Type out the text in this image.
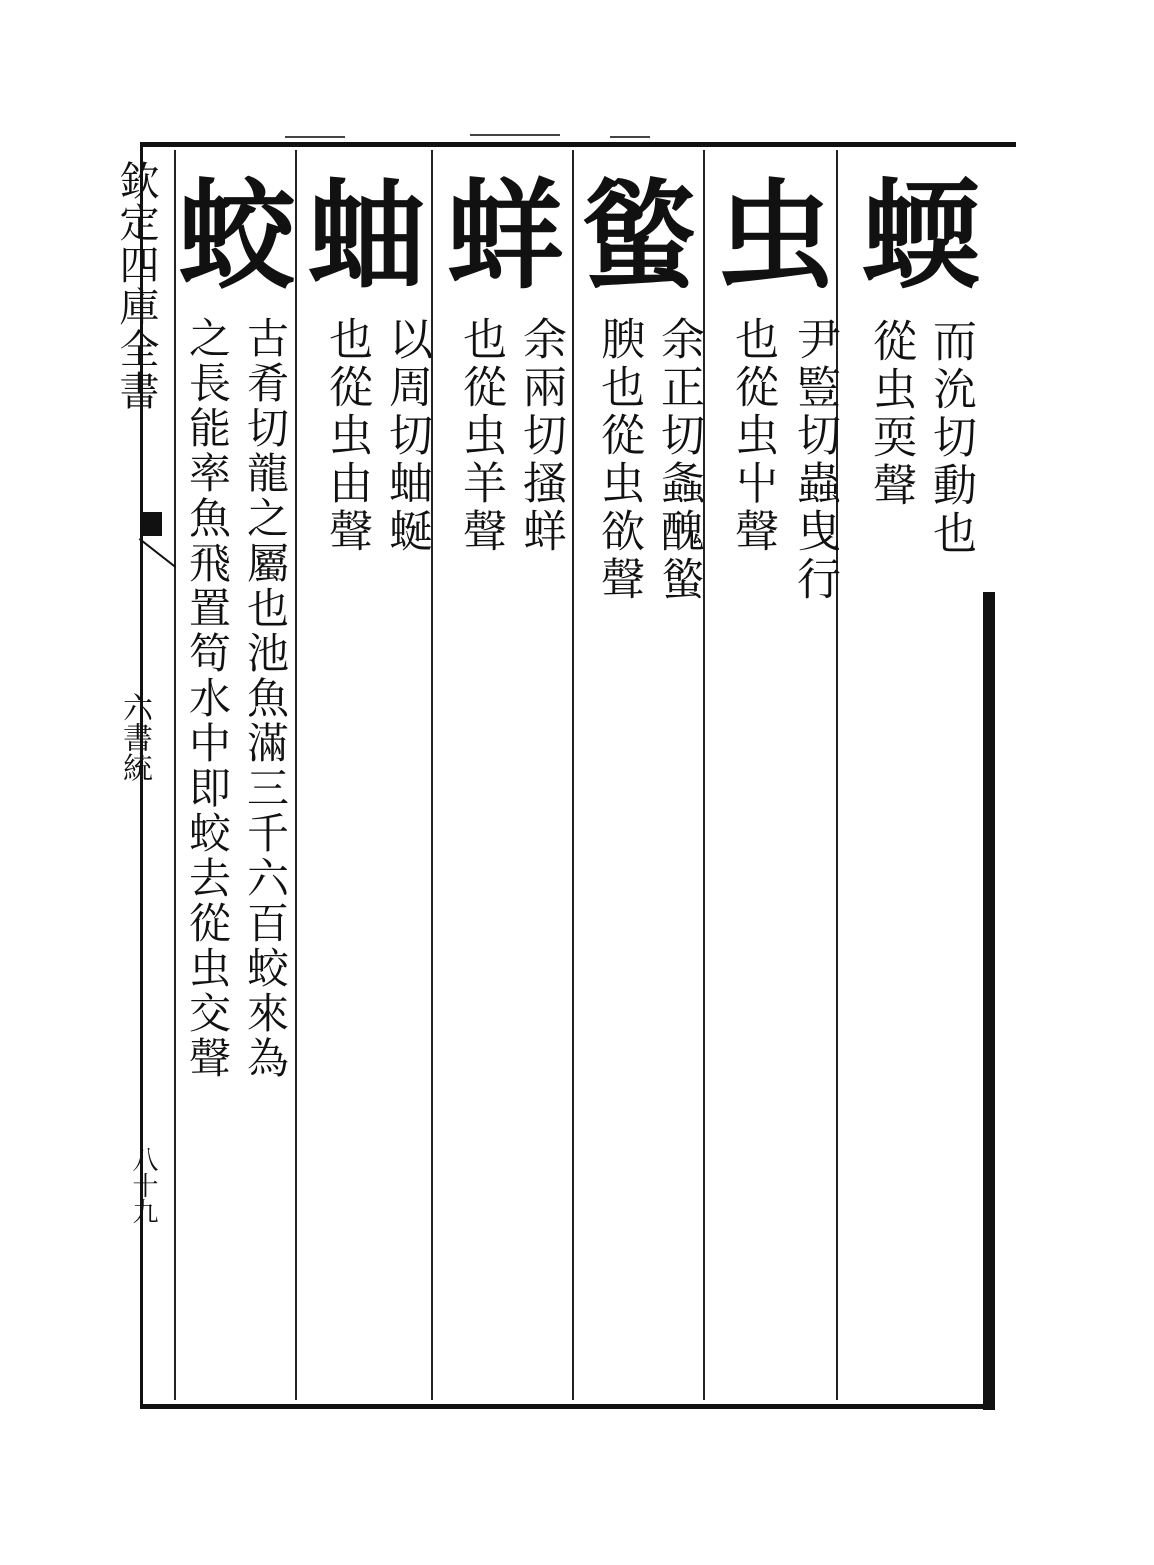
欽定四庫全書
六書統
八十九
蝡
而沇切動也
從虫耎聲
虫
尹䜿切蟲曳行
也從虫屮聲
螸
余正切螽醜螸
腴也從虫欲聲
蛘
余兩切搔蛘
也從虫羊聲
蚰
以周切蚰蜒
也從虫由聲
蛟
古肴切龍之屬也池魚滿三千六百蛟來為
之長能率魚飛置笱水中即蛟去從虫交聲
